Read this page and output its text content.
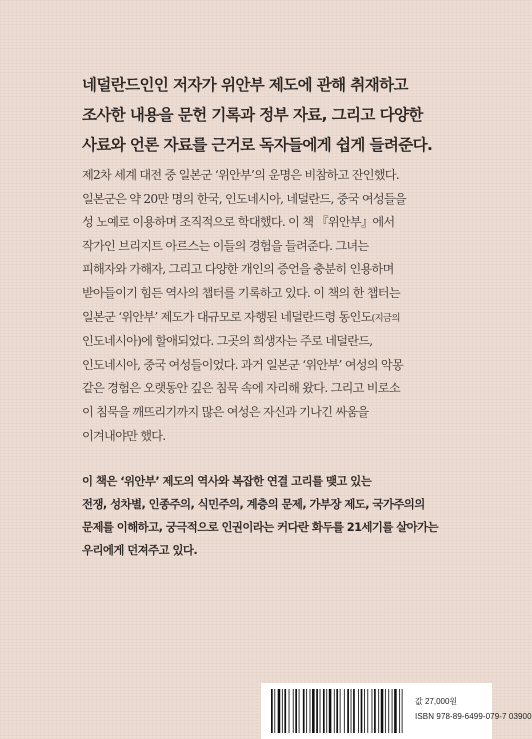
네덜란드인인 저자가 위안부 제도에 관해 취재하고
조사한 내용을 문헌 기록과 정부 자료, 그리고 다양한
사료와 언론 자료를 근거로 독자들에게 쉽게 들려준다.
제2차 세계 대전 중 일본군 ‘위안부’의 운명은 비참하고 잔인했다.
일본군은 약 20만 명의 한국, 인도네시아, 네덜란드, 중국 여성들을
성 노예로 이용하며 조직적으로 학대했다. 이 책 『위안부』에서
작가인 브리지트 아르스는 이들의 경험을 들려준다. 그녀는
피해자와 가해자, 그리고 다양한 개인의 증언을 충분히 인용하며
받아들이기 힘든 역사의 챕터를 기록하고 있다. 이 책의 한 챕터는
일본군 ‘위안부’ 제도가 대규모로 자행된 네덜란드령 동인도(지금의
인도네시아)에 할애되었다. 그곳의 희생자는 주로 네덜란드,
인도네시아, 중국 여성들이었다. 과거 일본군 ‘위안부’ 여성의 악몽
같은 경험은 오랫동안 깊은 침묵 속에 자리해 왔다. 그리고 비로소
이 침묵을 깨뜨리기까지 많은 여성은 자신과 기나긴 싸움을
이겨내야만 했다.
이 책은 ‘위안부’ 제도의 역사와 복잡한 연결 고리를 맺고 있는
전쟁, 성차별, 인종주의, 식민주의, 계층의 문제, 가부장 제도, 국가주의의
문제를 이해하고, 궁극적으로 인권이라는 커다란 화두를 21세기를 살아가는
우리에게 던져주고 있다.
값 27,000원
ISBN 978-89-6499-079-7 03900
